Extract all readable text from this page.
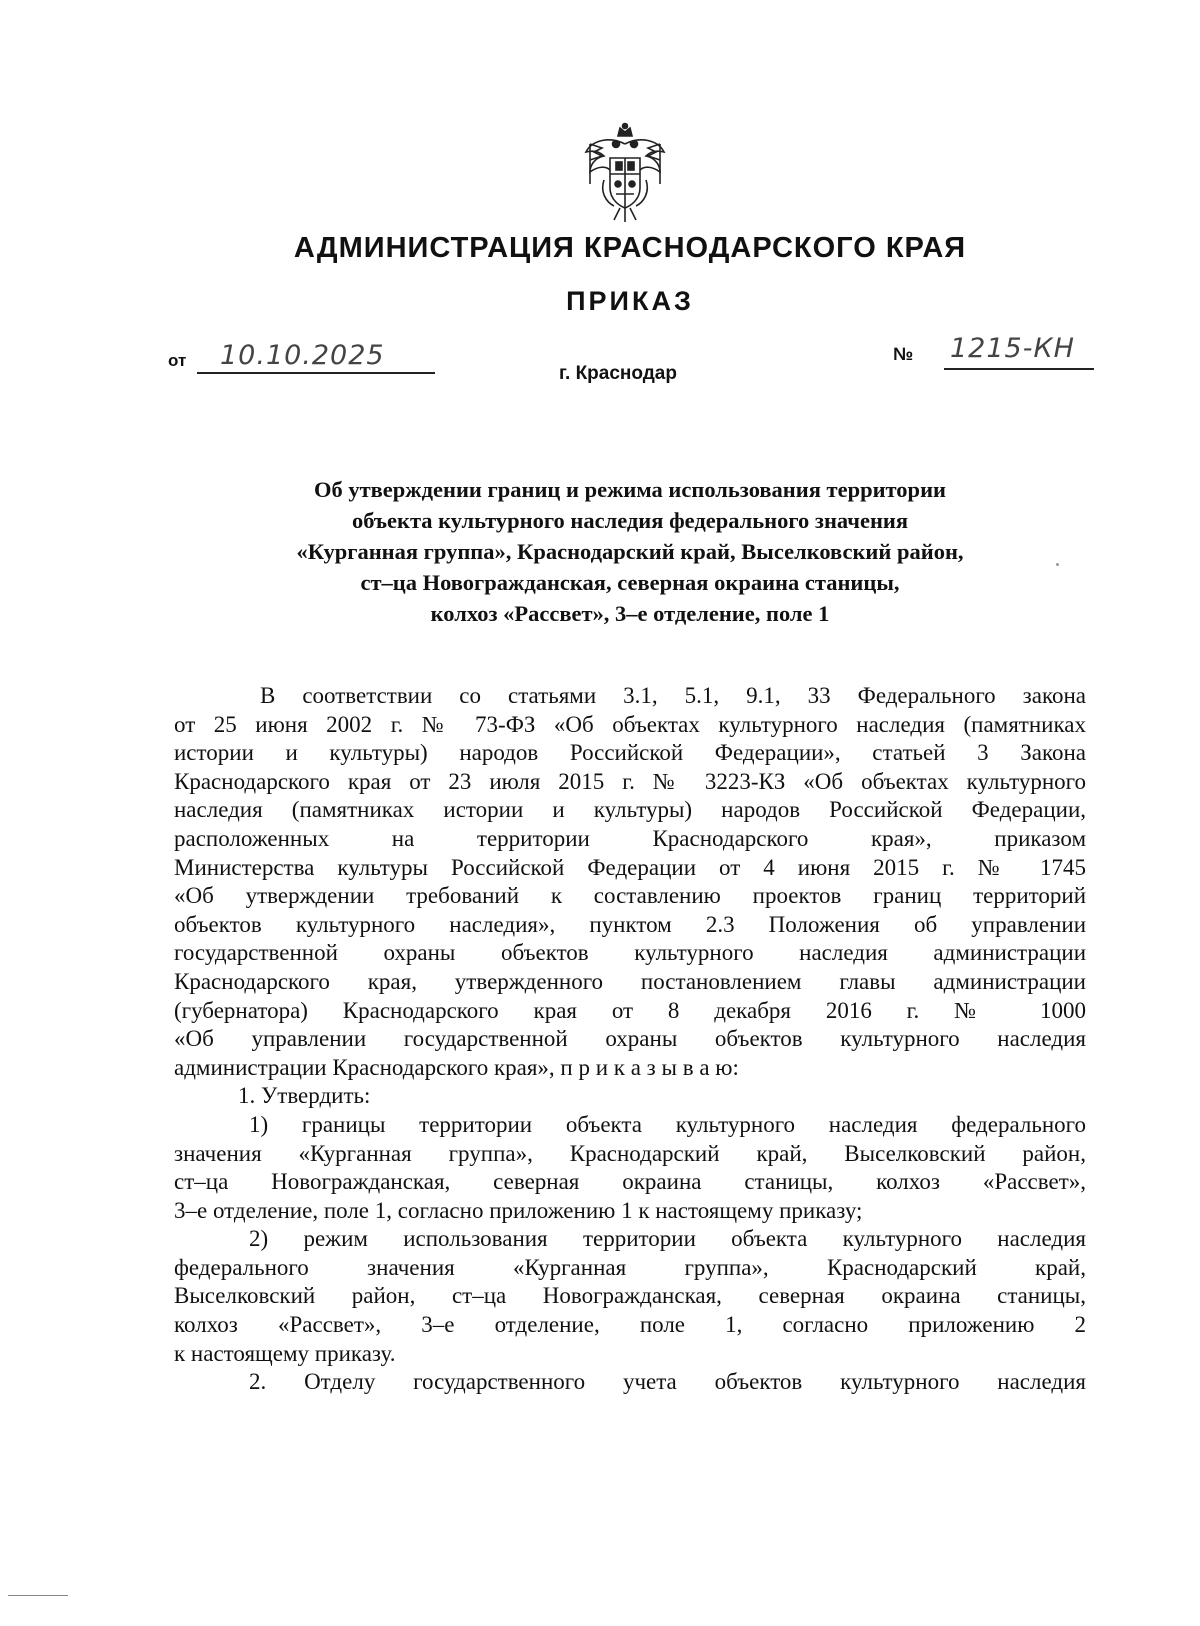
АДМИНИСТРАЦИЯ КРАСНОДАРСКОГО КРАЯ
ПРИКАЗ
от 10.10.2025
г. Краснодар
№ 1215-КН
Об утверждении границ и режима использования территории
объекта культурного наследия федерального значения
«Курганная группа», Краснодарский край, Выселковский район,
ст–ца Новогражданская, северная окраина станицы,
колхоз «Рассвет», 3–е отделение, поле 1
В соответствии со статьями 3.1, 5.1, 9.1, 33 Федерального закона
от 25 июня 2002 г. № 73-ФЗ «Об объектах культурного наследия (памятниках
истории и культуры) народов Российской Федерации», статьей 3 Закона
Краснодарского края от 23 июля 2015 г. № 3223-КЗ «Об объектах культурного
наследия (памятниках истории и культуры) народов Российской Федерации,
расположенных на территории Краснодарского края», приказом
Министерства культуры Российской Федерации от 4 июня 2015 г. № 1745
«Об утверждении требований к составлению проектов границ территорий
объектов культурного наследия», пунктом 2.3 Положения об управлении
государственной охраны объектов культурного наследия администрации
Краснодарского края, утвержденного постановлением главы администрации
(губернатора) Краснодарского края от 8 декабря 2016 г. № 1000
«Об управлении государственной охраны объектов культурного наследия
администрации Краснодарского края», п р и к а з ы в а ю:
1. Утвердить:
1) границы территории объекта культурного наследия федерального
значения «Курганная группа», Краснодарский край, Выселковский район,
ст–ца Новогражданская, северная окраина станицы, колхоз «Рассвет»,
3–е отделение, поле 1, согласно приложению 1 к настоящему приказу;
2) режим использования территории объекта культурного наследия
федерального значения «Курганная группа», Краснодарский край,
Выселковский район, ст–ца Новогражданская, северная окраина станицы,
колхоз «Рассвет», 3–е отделение, поле 1, согласно приложению 2
к настоящему приказу.
2. Отделу государственного учета объектов культурного наследия
